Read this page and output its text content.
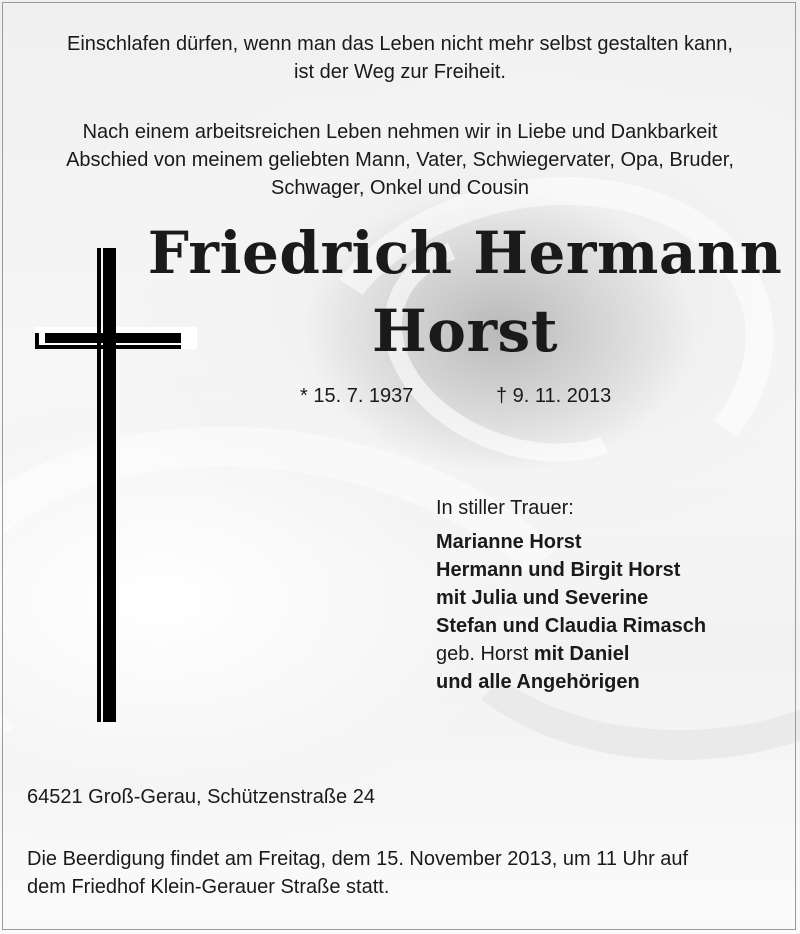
Einschlafen dürfen, wenn man das Leben nicht mehr selbst gestalten kann,
ist der Weg zur Freiheit.
Nach einem arbeitsreichen Leben nehmen wir in Liebe und Dankbarkeit
Abschied von meinem geliebten Mann, Vater, Schwiegervater, Opa, Bruder,
Schwager, Onkel und Cousin
Friedrich Hermann
Horst
* 15. 7. 1937	† 9. 11. 2013
In stiller Trauer:
Marianne Horst
Hermann und Birgit Horst
mit Julia und Severine
Stefan und Claudia Rimasch
geb. Horst mit Daniel
und alle Angehörigen
64521 Groß-Gerau, Schützenstraße 24
Die Beerdigung findet am Freitag, dem 15. November 2013, um 11 Uhr auf
dem Friedhof Klein-Gerauer Straße statt.
